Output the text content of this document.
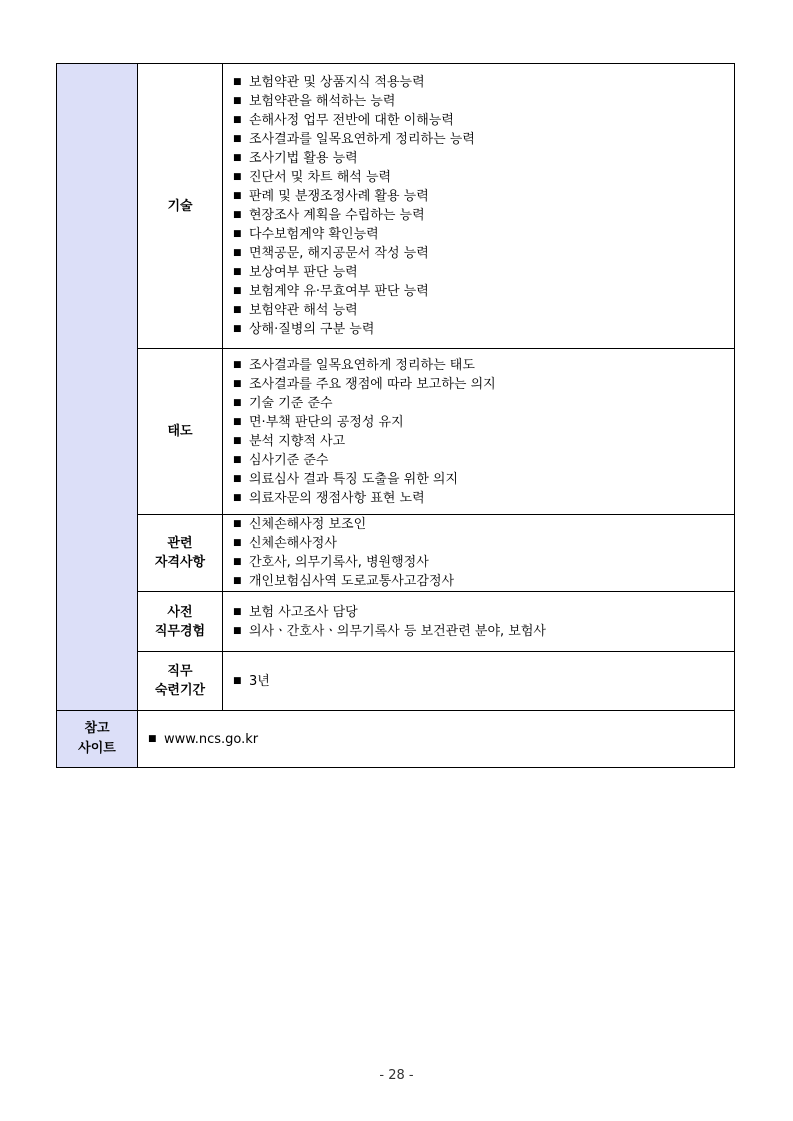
기술
■ 보험약관 및 상품지식 적용능력
■ 보험약관을 해석하는 능력
■ 손해사정 업무 전반에 대한 이해능력
■ 조사결과를 일목요연하게 정리하는 능력
■ 조사기법 활용 능력
■ 진단서 및 차트 해석 능력
■ 판례 및 분쟁조정사례 활용 능력
■ 현장조사 계획을 수립하는 능력
■ 다수보험계약 확인능력
■ 면책공문, 해지공문서 작성 능력
■ 보상여부 판단 능력
■ 보험계약 유·무효여부 판단 능력
■ 보험약관 해석 능력
■ 상해·질병의 구분 능력
태도
■ 조사결과를 일목요연하게 정리하는 태도
■ 조사결과를 주요 쟁점에 따라 보고하는 의지
■ 기술 기준 준수
■ 면·부책 판단의 공정성 유지
■ 분석 지향적 사고
■ 심사기준 준수
■ 의료심사 결과 특징 도출을 위한 의지
■ 의료자문의 쟁점사항 표현 노력
관련
자격사항
■ 신체손해사정 보조인
■ 신체손해사정사
■ 간호사, 의무기록사, 병원행정사
■ 개인보험심사역 도로교통사고감정사
사전
직무경험
■ 보험 사고조사 담당
■ 의사ㆍ간호사ㆍ의무기록사 등 보건관련 분야, 보험사
직무
숙련기간
■ 3년
참고
사이트
■ www.ncs.go.kr
- 28 -
